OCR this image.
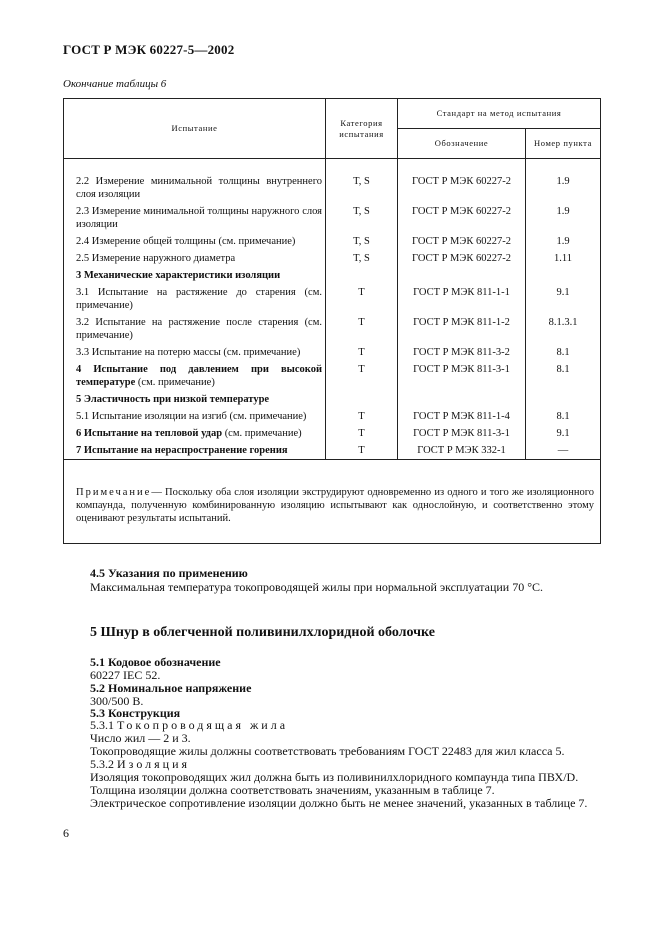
ГОСТ Р МЭК 60227-5—2002
Окончание таблицы 6
Испытание	Категория испытания	Стандарт на метод испытания	
		Обозначение	Номер пункта

2.2 Измерение минимальной толщины внутреннего слоя изоляции	T, S	ГОСТ Р МЭК 60227-2	1.9
2.3 Измерение минимальной толщины наружного слоя изоляции	T, S	ГОСТ Р МЭК 60227-2	1.9
2.4 Измерение общей толщины (см. примечание)	T, S	ГОСТ Р МЭК 60227-2	1.9
2.5 Измерение наружного диаметра	T, S	ГОСТ Р МЭК 60227-2	1.11
3 Механические характеристики изоляции			
3.1 Испытание на растяжение до старения (см. примечание)	T	ГОСТ Р МЭК 811-1-1	9.1
3.2 Испытание на растяжение после старения (см. примечание)	T	ГОСТ Р МЭК 811-1-2	8.1.3.1
3.3 Испытание на потерю массы (см. примечание)	T	ГОСТ Р МЭК 811-3-2	8.1
4 Испытание под давлением при высокой температуре (см. примечание)	T	ГОСТ Р МЭК 811-3-1	8.1
5 Эластичность при низкой температуре			
5.1 Испытание изоляции на изгиб (см. примечание)	T	ГОСТ Р МЭК 811-1-4	8.1
6 Испытание на тепловой удар (см. примечание)	T	ГОСТ Р МЭК 811-3-1	9.1
7 Испытание на нераспространение горения	T	ГОСТ Р МЭК 332-1	—
Примечание— Поскольку оба слоя изоляции экструдируют одновременно из одного и того же изоляционного компаунда, полученную комбинированную изоляцию испытывают как однослойную, и соответственно этому оценивают результаты испытаний.			
4.5 Указания по применению
Максимальная температура токопроводящей жилы при нормальной эксплуатации 70 °С.
5 Шнур в облегченной поливинилхлоридной оболочке
5.1 Кодовое обозначение
60227 IEC 52.
5.2 Номинальное напряжение
300/500 В.
5.3 Конструкция
5.3.1 Токопроводящая жила
Число жил — 2 и 3.
Токопроводящие жилы должны соответствовать требованиям ГОСТ 22483 для жил класса 5.
5.3.2 Изоляция
Изоляция токопроводящих жил должна быть из поливинилхлоридного компаунда типа ПВХ/D.
Толщина изоляции должна соответствовать значениям, указанным в таблице 7.
Электрическое сопротивление изоляции должно быть не менее значений, указанных в таблице 7.
6
